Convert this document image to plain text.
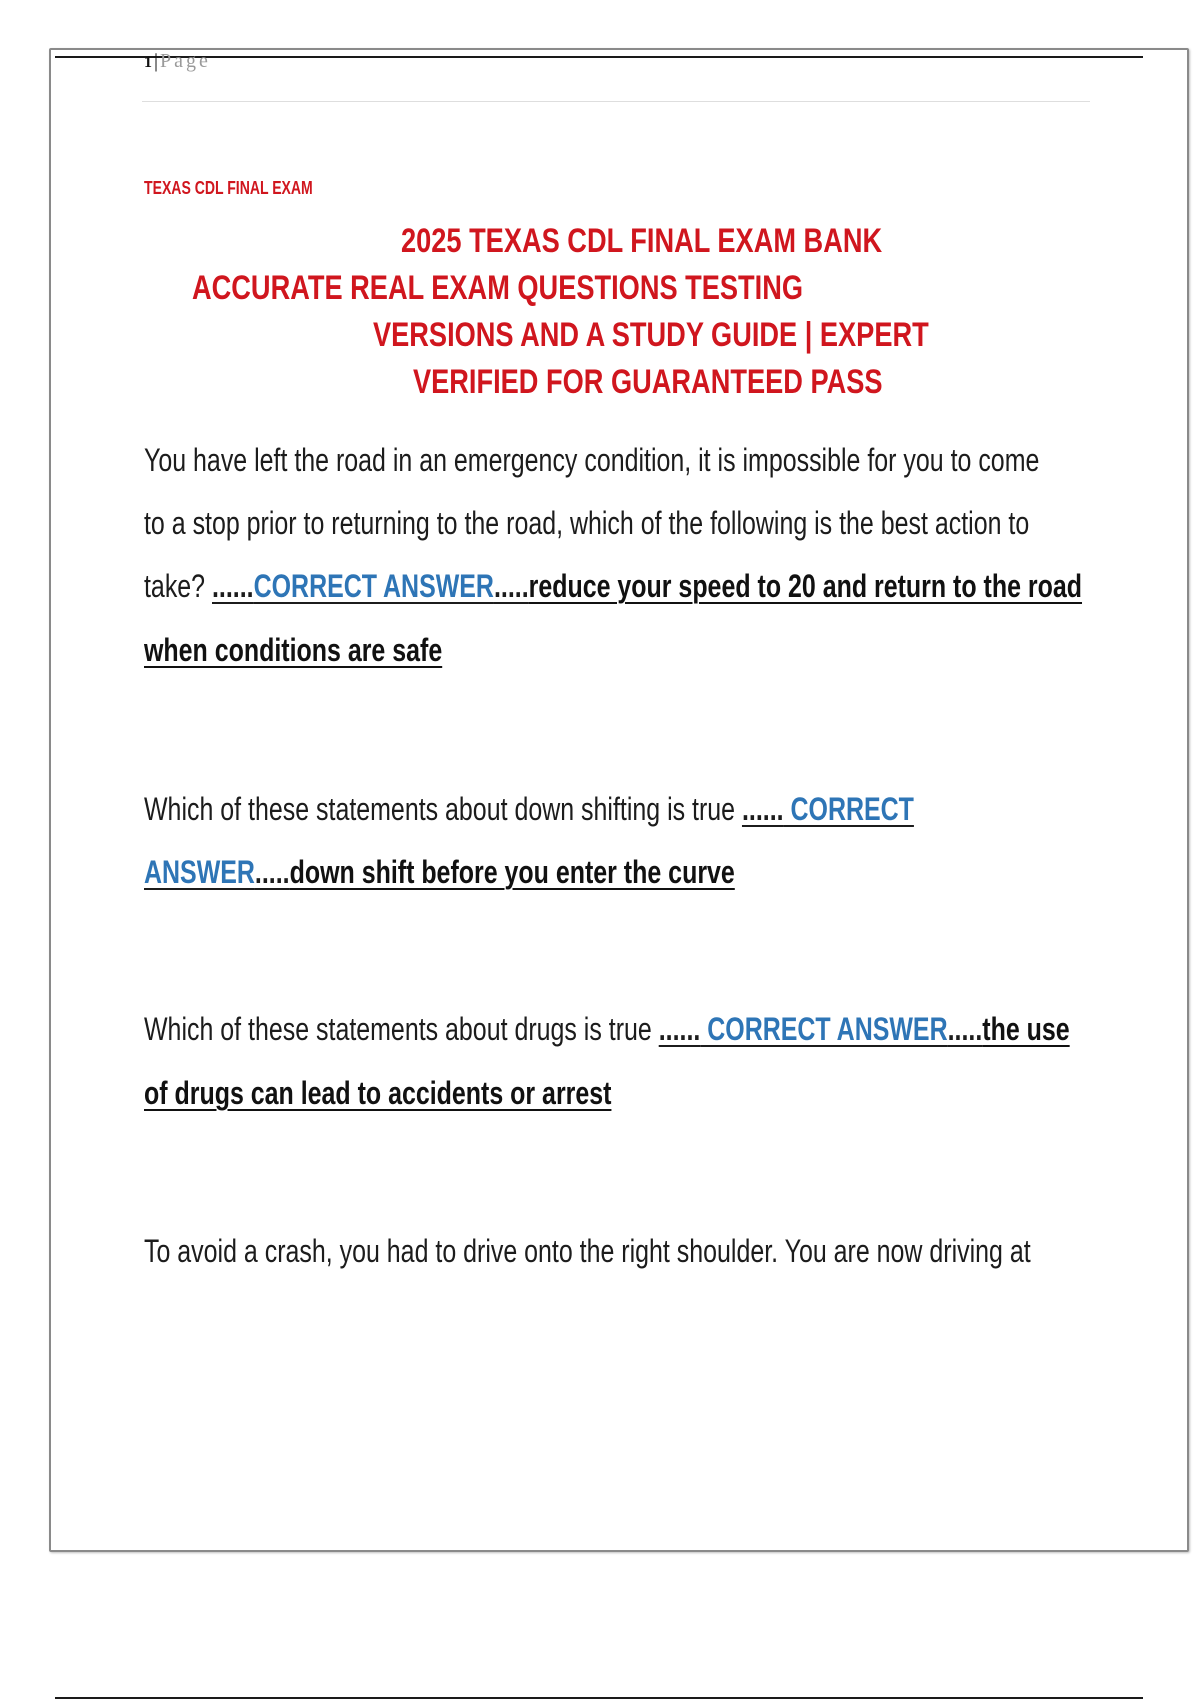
1 | Page
TEXAS CDL FINAL EXAM
2025 TEXAS CDL FINAL EXAM BANK
ACCURATE REAL EXAM QUESTIONS TESTING
VERSIONS AND A STUDY GUIDE | EXPERT
VERIFIED FOR GUARANTEED PASS
You have left the road in an emergency condition, it is impossible for you to come
to a stop prior to returning to the road, which of the following is the best action to
take? ......CORRECT ANSWER.....reduce your speed to 20 and return to the road
when conditions are safe
Which of these statements about down shifting is true ...... CORRECT
ANSWER.....down shift before you enter the curve
Which of these statements about drugs is true ...... CORRECT ANSWER.....the use
of drugs can lead to accidents or arrest
To avoid a crash, you had to drive onto the right shoulder. You are now driving at
